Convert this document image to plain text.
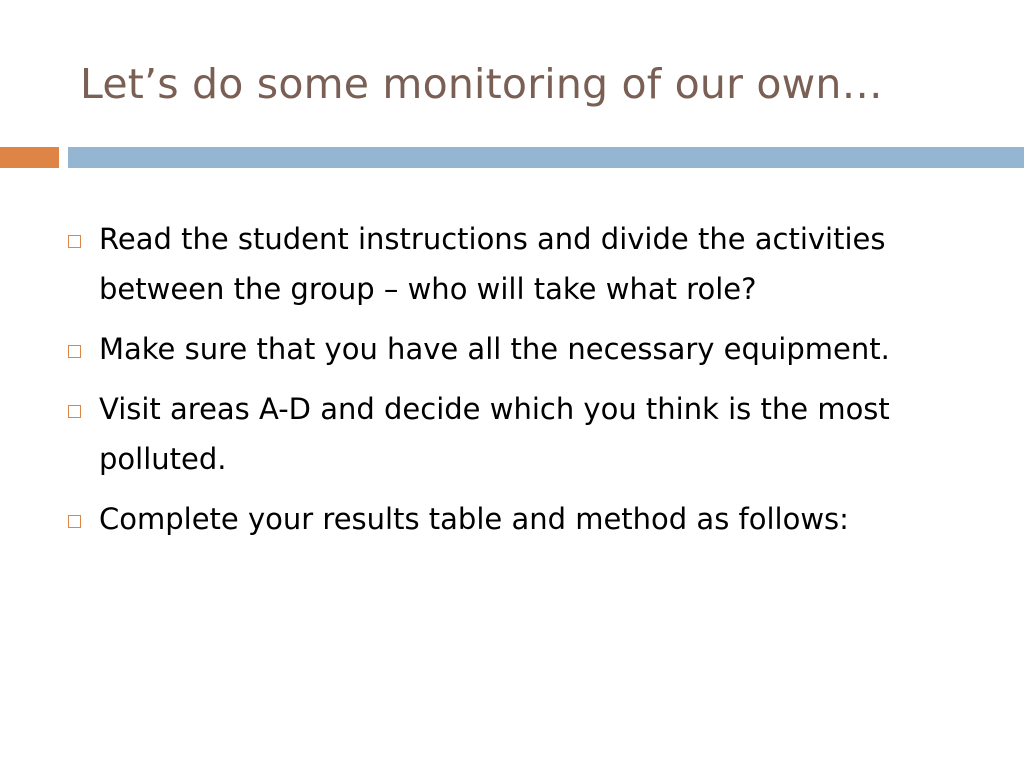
Let’s do some monitoring of our own…
Read the student instructions and divide the activities between the group – who will take what role?
Make sure that you have all the necessary equipment.
Visit areas A-D and decide which you think is the most polluted.
Complete your results table and method as follows:
